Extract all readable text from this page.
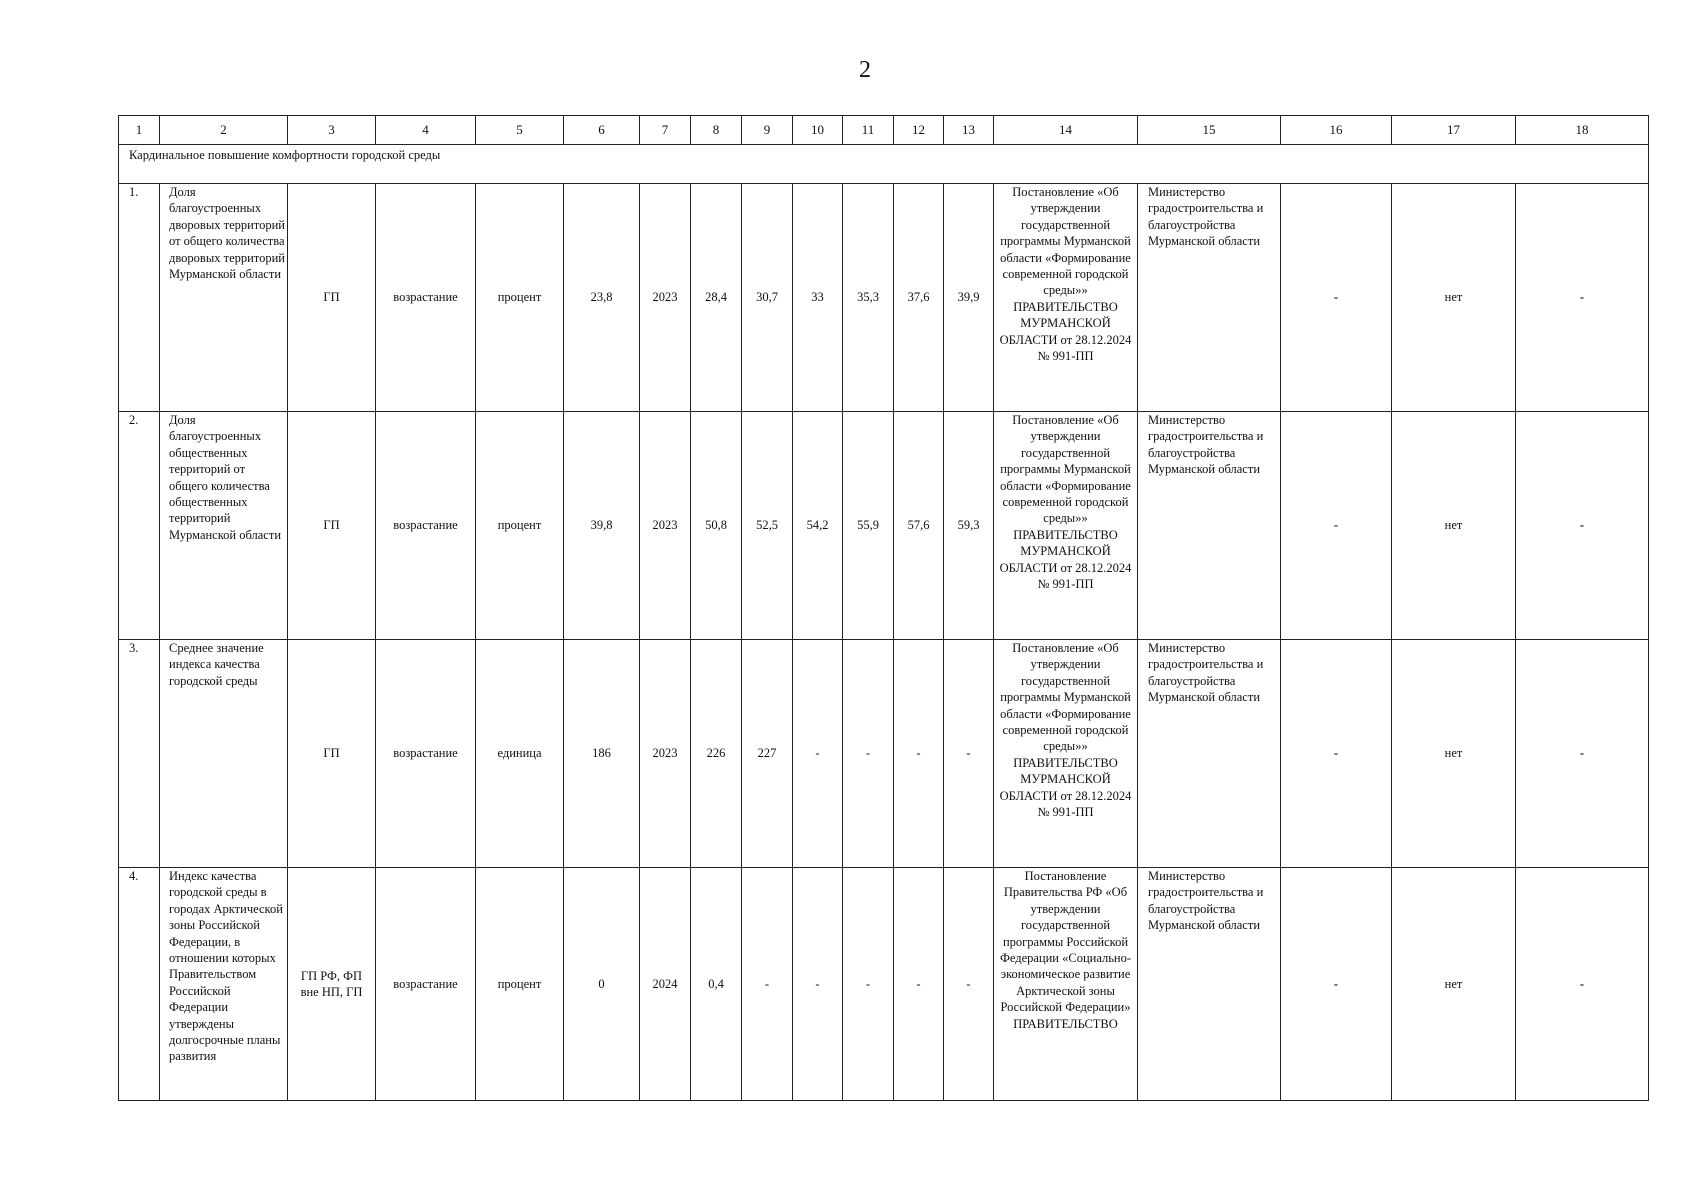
2
1	2	3	4	5	6	7	8	9	10	11	12	13	14	15	16	17	18
Кардинальное повышение комфортности городской среды																	
1.	Доля благоустроенных дворовых территорий от общего количества дворовых территорий Мурманской области	ГП	возрастание	процент	23,8	2023	28,4	30,7	33	35,3	37,6	39,9	Постановление «Об утверждении государственной программы Мурманской области «Формирование современной городской среды»» ПРАВИТЕЛЬСТВО МУРМАНСКОЙ ОБЛАСТИ от 28.12.2024 № 991-ПП	Министерство градостроительства и благоустройства Мурманской области	-	нет	-
2.	Доля благоустроенных общественных территорий от общего количества общественных территорий Мурманской области	ГП	возрастание	процент	39,8	2023	50,8	52,5	54,2	55,9	57,6	59,3	Постановление «Об утверждении государственной программы Мурманской области «Формирование современной городской среды»» ПРАВИТЕЛЬСТВО МУРМАНСКОЙ ОБЛАСТИ от 28.12.2024 № 991-ПП	Министерство градостроительства и благоустройства Мурманской области	-	нет	-
3.	Среднее значение индекса качества городской среды	ГП	возрастание	единица	186	2023	226	227	-	-	-	-	Постановление «Об утверждении государственной программы Мурманской области «Формирование современной городской среды»» ПРАВИТЕЛЬСТВО МУРМАНСКОЙ ОБЛАСТИ от 28.12.2024 № 991-ПП	Министерство градостроительства и благоустройства Мурманской области	-	нет	-
4.	Индекс качества городской среды в городах Арктической зоны Российской Федерации, в отношении которых Правительством Российской Федерации утверждены долгосрочные планы развития	ГП РФ, ФП вне НП, ГП	возрастание	процент	0	2024	0,4	-	-	-	-	-	Постановление Правительства РФ «Об утверждении государственной программы Российской Федерации «Социально-экономическое развитие Арктической зоны Российской Федерации» ПРАВИТЕЛЬСТВО	Министерство градостроительства и благоустройства Мурманской области	-	нет	-
